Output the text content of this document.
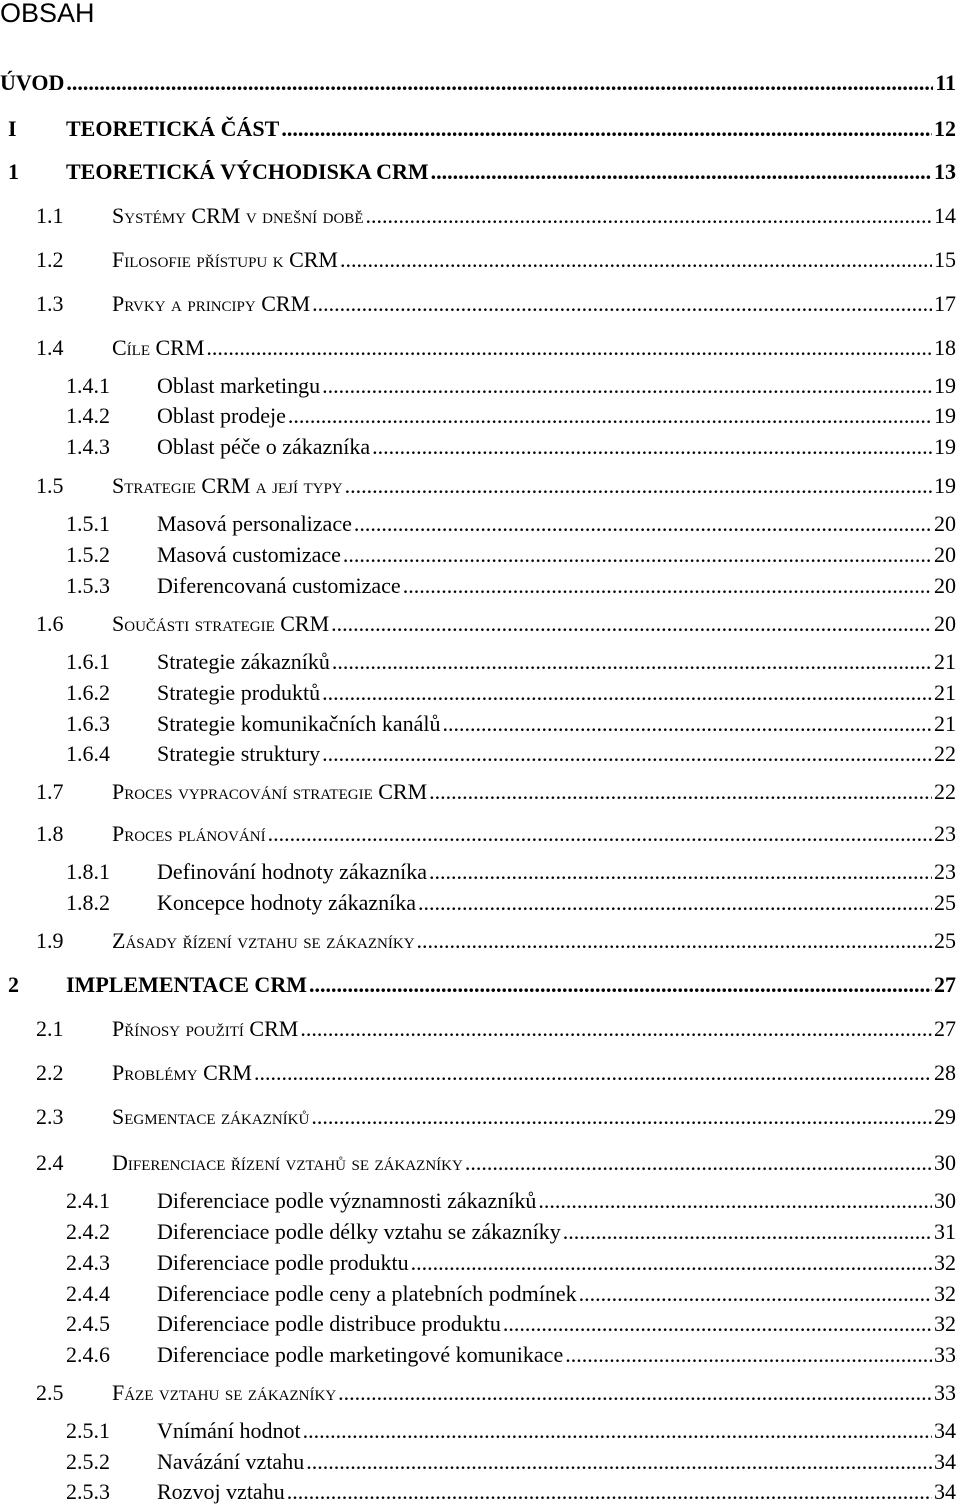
OBSAH
ÚVOD .....	11
I	TEORETICKÁ ČÁST .....	12
1	TEORETICKÁ VÝCHODISKA CRM .....	13
1.1	Systémy CRM v dnešní době .....	14
1.2	Filosofie přístupu k CRM .....	15
1.3	Prvky a principy CRM .....	17
1.4	Cíle CRM .....	18
1.4.1	Oblast marketingu .....	19
1.4.2	Oblast prodeje .....	19
1.4.3	Oblast péče o zákazníka .....	19
1.5	Strategie CRM a její typy .....	19
1.5.1	Masová personalizace .....	20
1.5.2	Masová customizace .....	20
1.5.3	Diferencovaná customizace .....	20
1.6	Součásti strategie CRM .....	20
1.6.1	Strategie zákazníků .....	21
1.6.2	Strategie produktů .....	21
1.6.3	Strategie komunikačních kanálů .....	21
1.6.4	Strategie struktury .....	22
1.7	Proces vypracování strategie CRM .....	22
1.8	Proces plánování .....	23
1.8.1	Definování hodnoty zákazníka .....	23
1.8.2	Koncepce hodnoty zákazníka .....	25
1.9	Zásady řízení vztahu se zákazníky .....	25
2	IMPLEMENTACE CRM .....	27
2.1	Přínosy použití CRM .....	27
2.2	Problémy CRM .....	28
2.3	Segmentace zákazníků .....	29
2.4	Diferenciace řízení vztahů se zákazníky .....	30
2.4.1	Diferenciace podle významnosti zákazníků .....	30
2.4.2	Diferenciace podle délky vztahu se zákazníky .....	31
2.4.3	Diferenciace podle produktu .....	32
2.4.4	Diferenciace podle ceny a platebních podmínek .....	32
2.4.5	Diferenciace podle distribuce produktu .....	32
2.4.6	Diferenciace podle marketingové komunikace .....	33
2.5	Fáze vztahu se zákazníky .....	33
2.5.1	Vnímání hodnot .....	34
2.5.2	Navázání vztahu .....	34
2.5.3	Rozvoj vztahu .....	34
